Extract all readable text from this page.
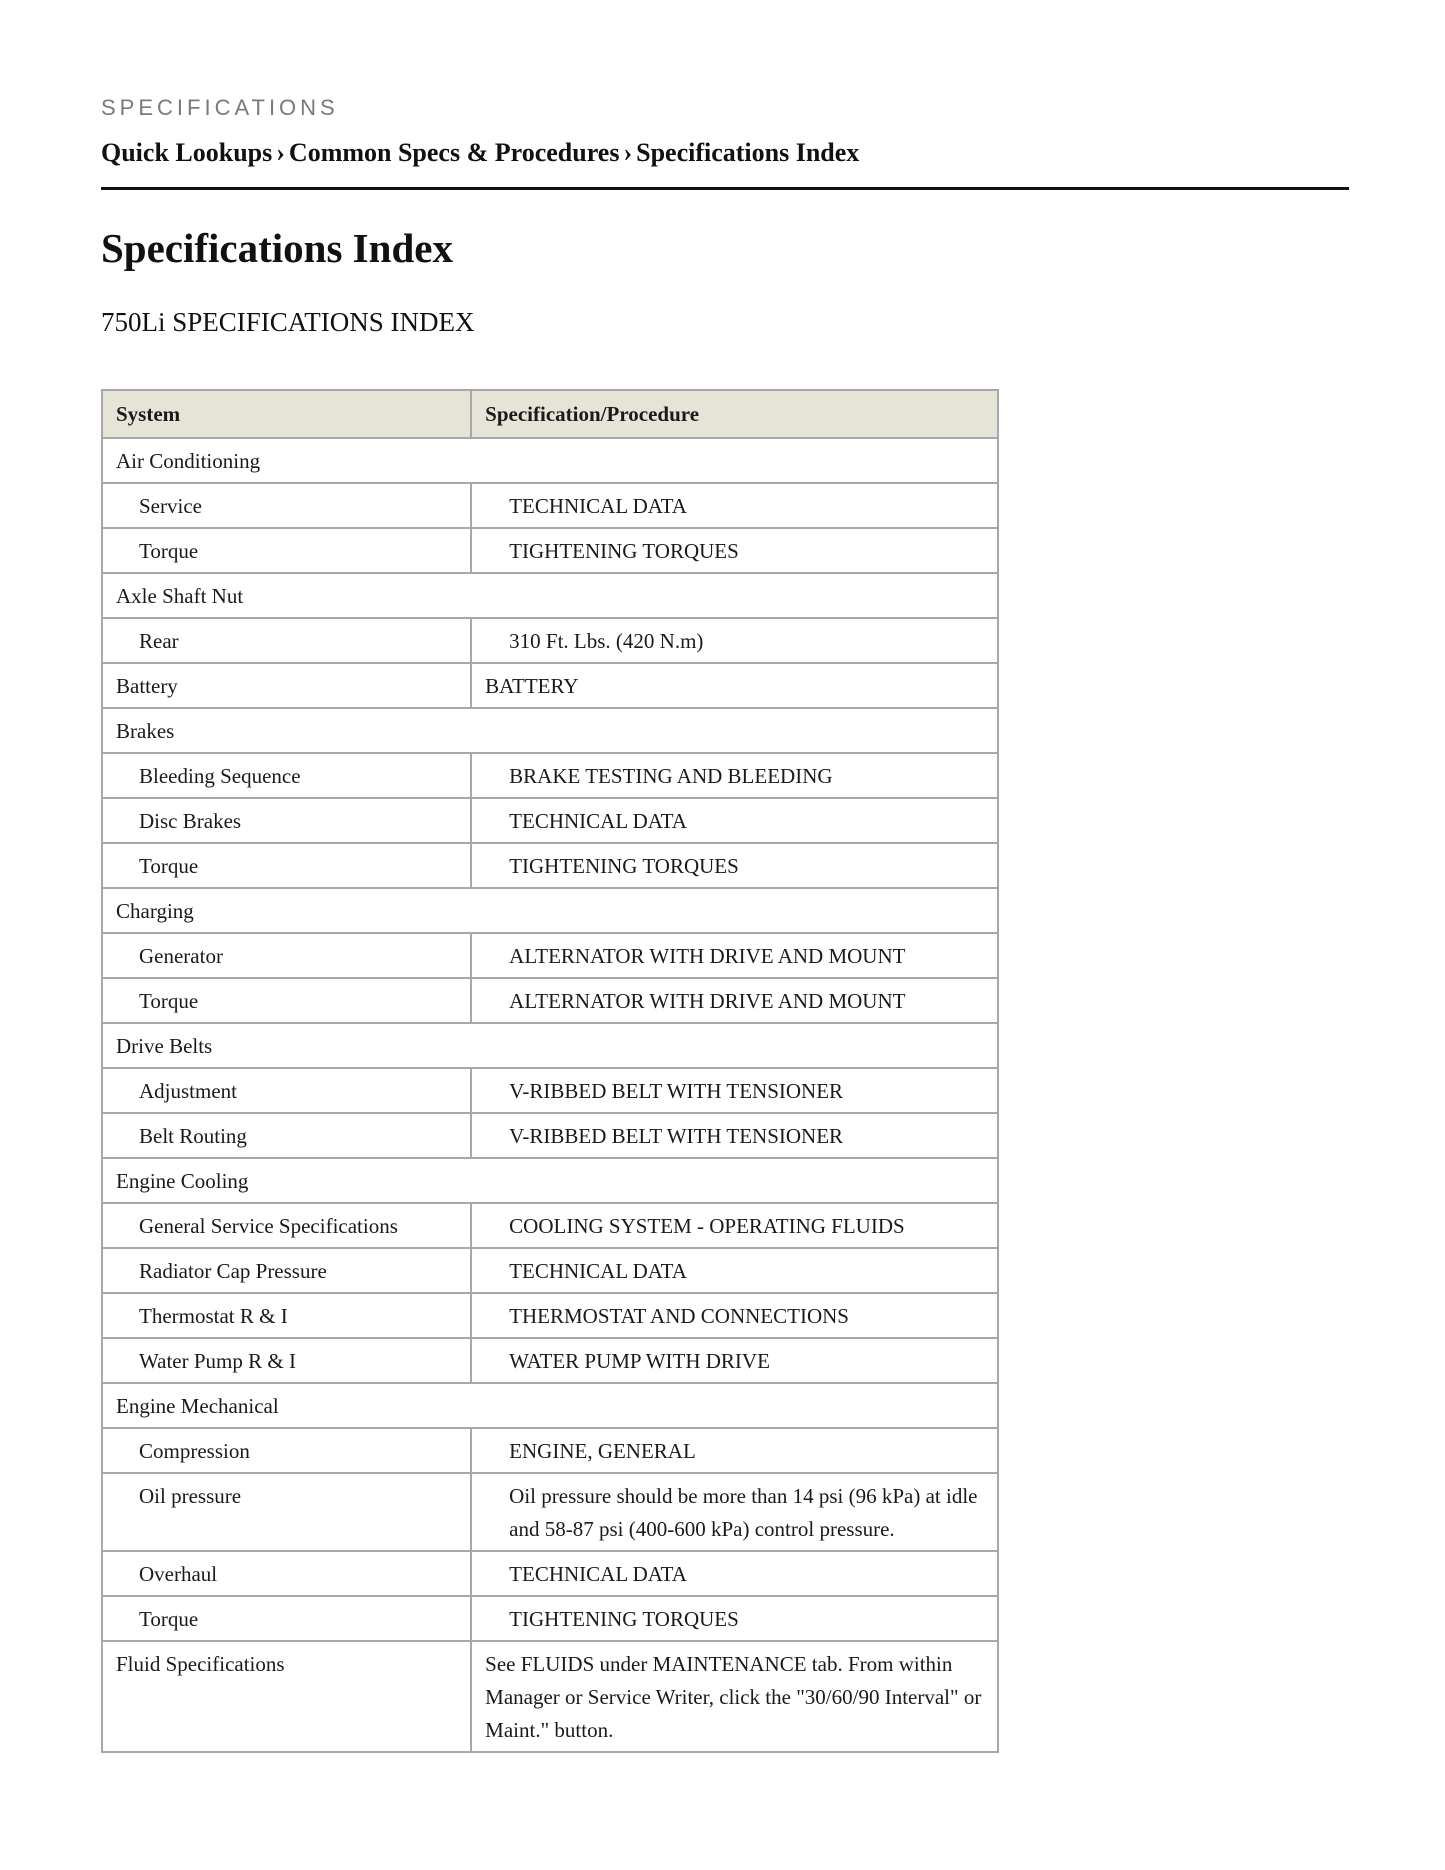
SPECIFICATIONS
Quick Lookups › Common Specs & Procedures › Specifications Index
Specifications Index
750Li SPECIFICATIONS INDEX
System	Specification/Procedure
Air Conditioning	
Service	TECHNICAL DATA
Torque	TIGHTENING TORQUES
Axle Shaft Nut	
Rear	310 Ft. Lbs. (420 N.m)
Battery	BATTERY
Brakes	
Bleeding Sequence	BRAKE TESTING AND BLEEDING
Disc Brakes	TECHNICAL DATA
Torque	TIGHTENING TORQUES
Charging	
Generator	ALTERNATOR WITH DRIVE AND MOUNT
Torque	ALTERNATOR WITH DRIVE AND MOUNT
Drive Belts	
Adjustment	V-RIBBED BELT WITH TENSIONER
Belt Routing	V-RIBBED BELT WITH TENSIONER
Engine Cooling	
General Service Specifications	COOLING SYSTEM - OPERATING FLUIDS
Radiator Cap Pressure	TECHNICAL DATA
Thermostat R & I	THERMOSTAT AND CONNECTIONS
Water Pump R & I	WATER PUMP WITH DRIVE
Engine Mechanical	
Compression	ENGINE, GENERAL
Oil pressure	Oil pressure should be more than 14 psi (96 kPa) at idle and 58-87 psi (400-600 kPa) control pressure.
Overhaul	TECHNICAL DATA
Torque	TIGHTENING TORQUES
Fluid Specifications	See FLUIDS under MAINTENANCE tab. From within Manager or Service Writer, click the "30/60/90 Interval" or Maint." button.
